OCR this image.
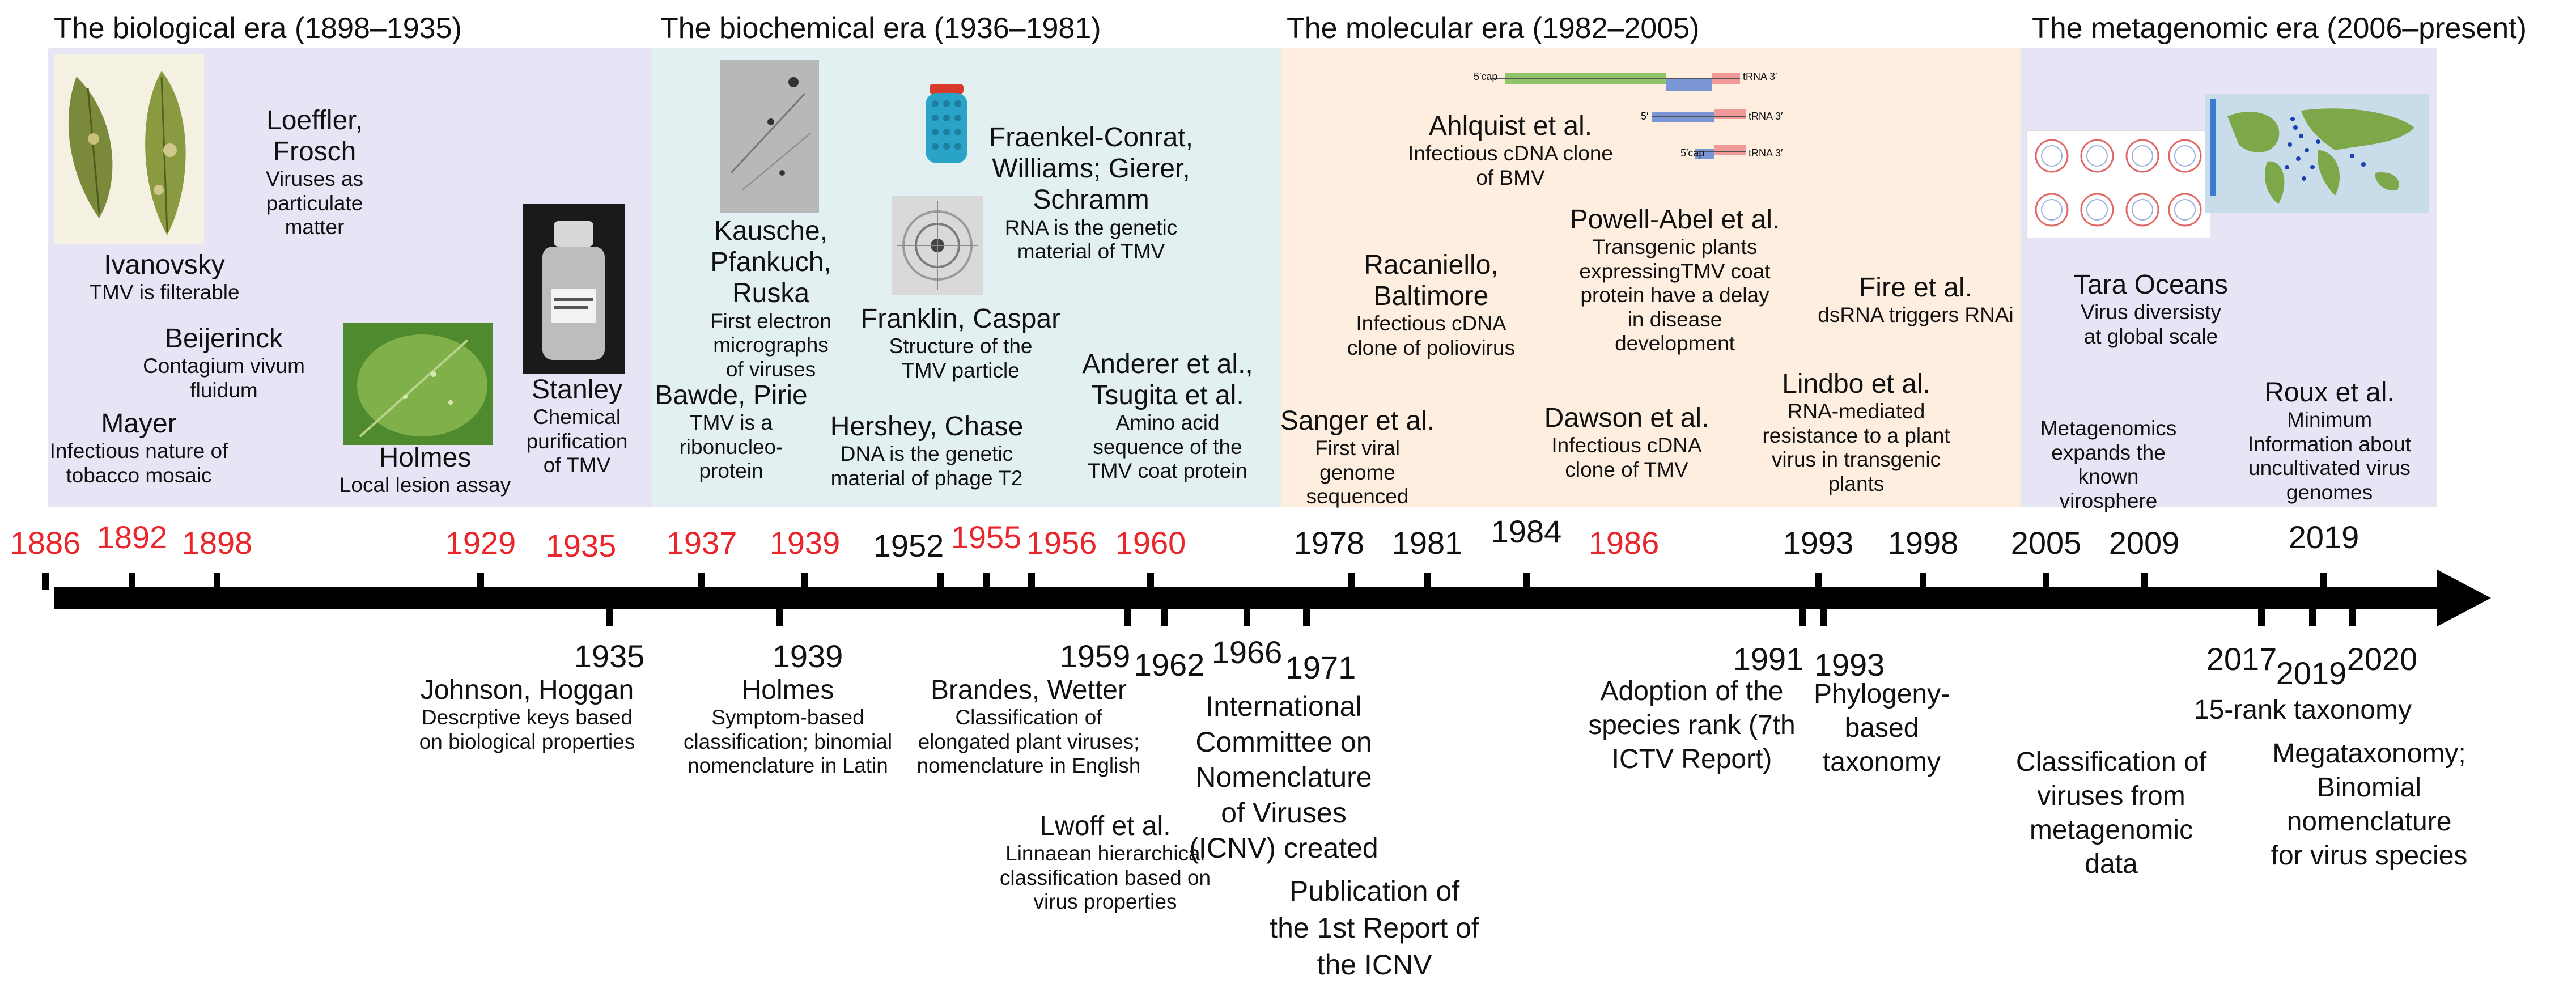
The biological era (1898–1935)	The biochemical era (1936–1981)	The molecular era (1982–2005)	The metagenomic era (2006–present)
5′cap	tRNA 3′
5′	tRNA 3′
5′cap	tRNA 3′
Loeffler, Frosch
Viruses as particulate matter
Ivanovsky
TMV is filterable
Beijerinck
Contagium vivum fluidum
Mayer
Infectious nature of tobacco mosaic
Holmes
Local lesion assay
Stanley
Chemical purification of TMV
Kausche, Pfankuch, Ruska
First electron micrographs of viruses
Bawde, Pirie
TMV is a ribonucleo-protein
Fraenkel-Conrat, Williams; Gierer, Schramm
RNA is the genetic material of TMV
Franklin, Caspar
Structure of the TMV particle
Hershey, Chase
DNA is the genetic material of phage T2
Anderer et al., Tsugita et al.
Amino acid sequence of the TMV coat protein
Ahlquist et al.
Infectious cDNA clone of BMV
Powell-Abel et al.
Transgenic plants expressingTMV coat protein have a delay in disease development
Racaniello, Baltimore
Infectious cDNA clone of poliovirus
Sanger et al.
First viral genome sequenced
Dawson et al.
Infectious cDNA clone of TMV
Fire et al.
dsRNA triggers RNAi
Lindbo et al.
RNA-mediated resistance to a plant virus in transgenic plants
Tara Oceans
Virus diversisty at global scale
Metagenomics expands the known virosphere
Roux et al.
Minimum Information about uncultivated virus genomes
1886 1892 1898	1929 1935 1937 1939 1952 1955 1956 1960	1978 1981 1984 1986	1993 1998 2005 2009	2019
1935	1939	1959 1962 1966 1971	1991 1993	2017
2019 2020
Johnson, Hoggan
Descrptive keys based on biological properties
Holmes
Symptom-based classification; binomial nomenclature in Latin
Brandes, Wetter
Classification of elongated plant viruses; nomenclature in English
Lwoff et al.
Linnaean hierarchical classification based on virus properties
International Committee on Nomenclature of Viruses (ICNV) created
Publication of the 1st Report of the ICNV
Adoption of the species rank (7th ICTV Report)
Phylogeny-based taxonomy
15-rank taxonomy
Classification of viruses from metagenomic data
Megataxonomy; Binomial nomenclature for virus species
